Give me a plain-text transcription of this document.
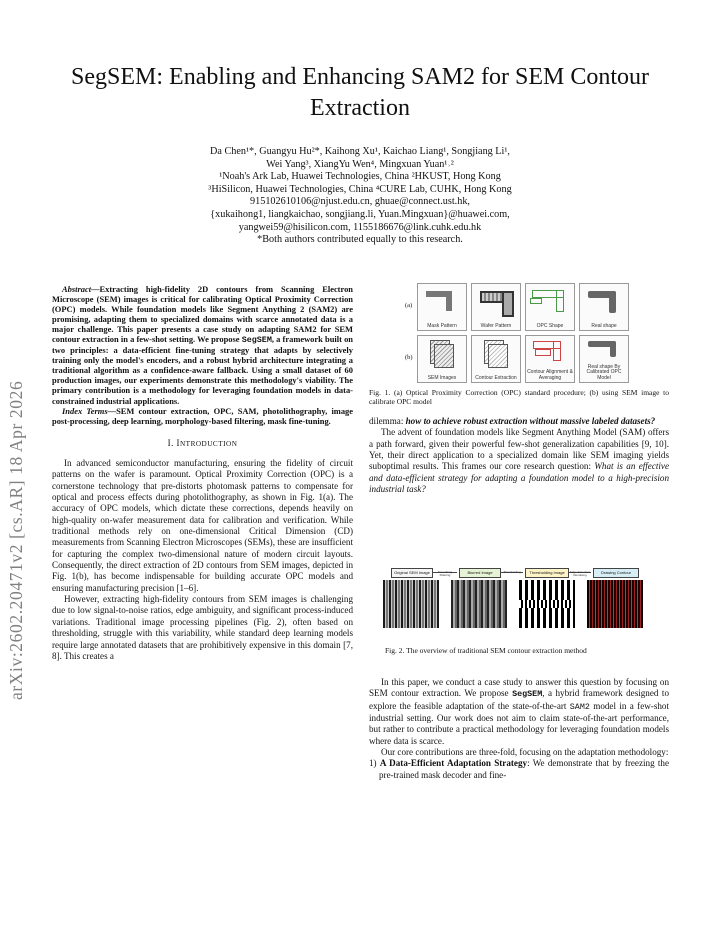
arXiv:2602.20471v2 [cs.AR] 18 Apr 2026
SegSEM: Enabling and Enhancing SAM2 for SEM Contour Extraction
Da Chen¹*, Guangyu Hu²*, Kaihong Xu¹, Kaichao Liang¹, Songjiang Li¹,
Wei Yang³, XiangYu Wen⁴, Mingxuan Yuan¹˒²
¹Noah's Ark Lab, Huawei Technologies, China ²HKUST, Hong Kong
³HiSilicon, Huawei Technologies, China ⁴CURE Lab, CUHK, Hong Kong
915102610106@njust.edu.cn, ghuae@connect.ust.hk,
{xukaihong1, liangkaichao, songjiang.li, Yuan.Mingxuan}@huawei.com,
yangwei59@hisilicon.com, 1155186676@link.cuhk.edu.hk
*Both authors contributed equally to this research.

Abstract—Extracting high-fidelity 2D contours from Scanning Electron Microscope (SEM) images is critical for calibrating Optical Proximity Correction (OPC) models. While foundation models like Segment Anything 2 (SAM2) are promising, adapting them to specialized domains with scarce annotated data is a major challenge. This paper presents a case study on adapting SAM2 for SEM contour extraction in a few-shot setting. We propose SegSEM, a framework built on two principles: a data-efficient fine-tuning strategy that adapts by selectively training only the model's encoders, and a robust hybrid architecture integrating a traditional algorithm as a confidence-aware fallback. Using a small dataset of 60 production images, our experiments demonstrate this methodology's viability. The primary contribution is a methodology for leveraging foundation models in data-constrained industrial applications.

Index Terms—SEM contour extraction, OPC, SAM, photolithography, image post-processing, deep learning, morphology-based filtering, mask fine-tuning.

I. INTRODUCTION

In advanced semiconductor manufacturing, ensuring the fidelity of circuit patterns on the wafer is paramount. Optical Proximity Correction (OPC) is a cornerstone technology that pre-distorts photomask patterns to compensate for optical and process effects during photolithography, as shown in Fig. 1(a). The accuracy of OPC models, which dictate these corrections, depends heavily on high-quality on-wafer measurement data for calibration and verification. While traditional methods rely on one-dimensional Critical Dimension (CD) measurements from Scanning Electron Microscopes (SEMs), these are insufficient for capturing the complex two-dimensional nature of modern circuit layouts. Consequently, the direct extraction of 2D contours from SEM images, depicted in Fig. 1(b), has become indispensable for building accurate OPC models and ensuring manufacturing precision [1–6].

However, extracting high-fidelity contours from SEM images is challenging due to low signal-to-noise ratios, edge ambiguity, and significant process-induced variations. Traditional image processing pipelines (Fig. 2), often based on thresholding, struggle with this variability, while standard deep learning models require large annotated datasets that are prohibitively expensive in this domain [7, 8]. This creates a

(a)
Mask Pattern	Wafer Pattern	OPC Shape	Real shape
(b)
SEM Images	Contour Extraction
Contour Alignment & Averaging
Real shape By Calibrated OPC Model
Fig. 1. (a) Optical Proximity Correction (OPC) standard procedure; (b) using SEM image to calibrate OPC model

dilemma: how to achieve robust extraction without massive labeled datasets?

The advent of foundation models like Segment Anything Model (SAM) offers a path forward, given their powerful few-shot generalization capabilities [9, 10]. Yet, their direct application to a specialized domain like SEM imaging yields suboptimal results. This frames our core research question: What is an effective and data-efficient strategy for adapting a foundation model to a high-precision industrial task?

Original SEM Image	Smoothing Filtering
Blurred Image	Thresholding	Thresholding Image	Edge Detection Denoising
Drawing Contour
Fig. 2. The overview of traditional SEM contour extraction method

In this paper, we conduct a case study to answer this question by focusing on SEM contour extraction. We propose SegSEM, a hybrid framework designed to explore the feasible adaptation of the state-of-the-art SAM2 model in a few-shot industrial setting. Our work does not aim to claim state-of-the-art performance, but rather to contribute a practical methodology for leveraging foundation models where data is scarce.

Our core contributions are three-fold, focusing on the adaptation methodology:

1) A Data-Efficient Adaptation Strategy: We demonstrate that by freezing the pre-trained mask decoder and fine-
